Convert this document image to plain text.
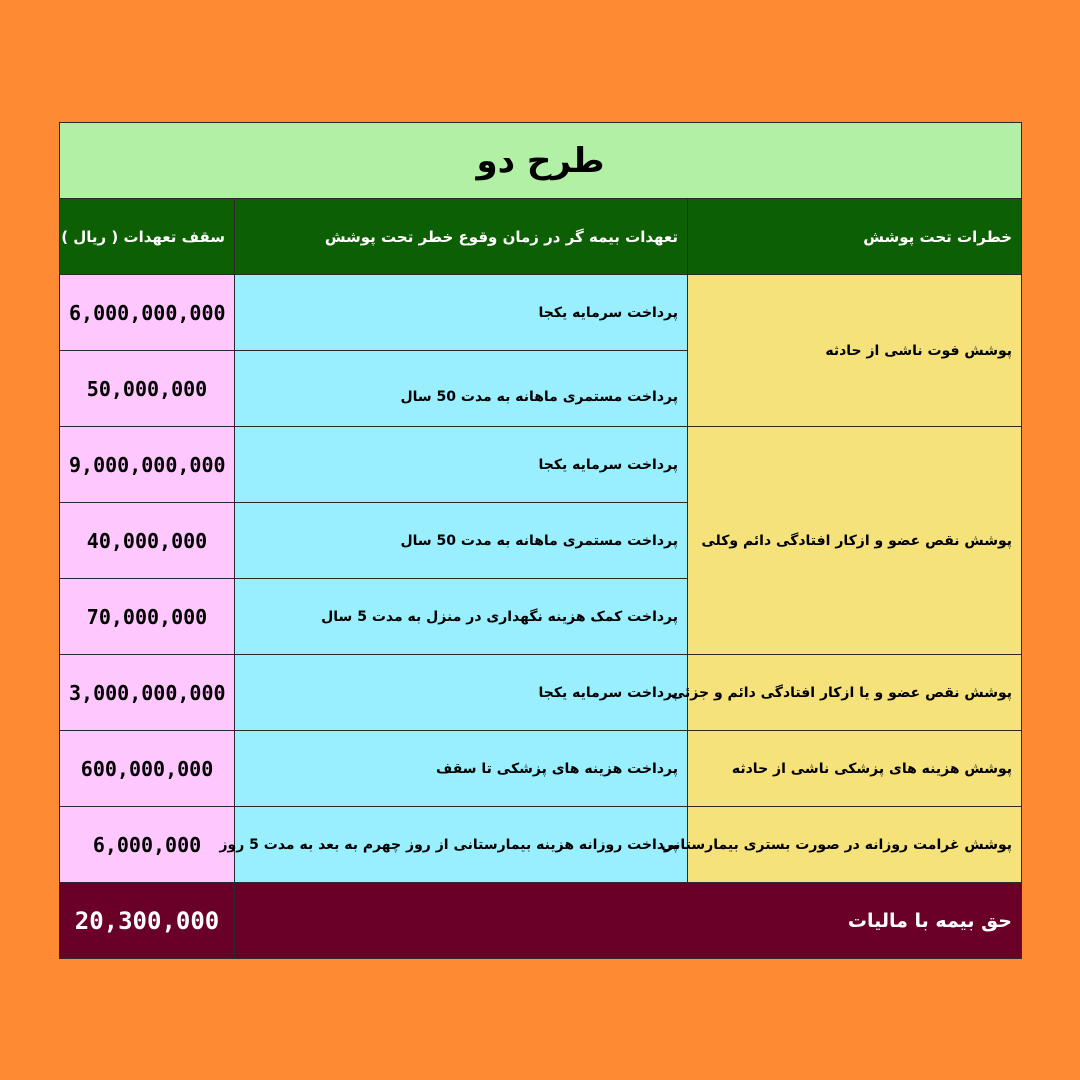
طرح دو		
خطرات تحت پوشش	تعهدات بیمه گر در زمان وقوع خطر تحت پوشش	سقف تعهدات ( ریال )
پوشش فوت ناشی از حادثه	پرداخت سرمایه یکجا	6,000,000,000
	پرداخت مستمری ماهانه به مدت 50 سال	50,000,000
پوشش نقص عضو و ازکار افتادگی دائم وکلی	پرداخت سرمایه یکجا	9,000,000,000
	پرداخت مستمری ماهانه به مدت 50 سال	40,000,000
	پرداخت کمک هزینه نگهداری در منزل به مدت 5 سال	70,000,000
پوشش نقص عضو و یا ازکار افتادگی دائم و جزئی	پرداخت سرمایه یکجا	3,000,000,000
پوشش هزینه های پزشکی ناشی از حادثه	پرداخت هزینه های پزشکی تا سقف	600,000,000
پوشش غرامت روزانه در صورت بستری بیمارستانی	پرداخت روزانه هزینه بیمارستانی از روز چهرم به بعد به مدت 5 روز	6,000,000
حق بیمه با مالیات		20,300,000
